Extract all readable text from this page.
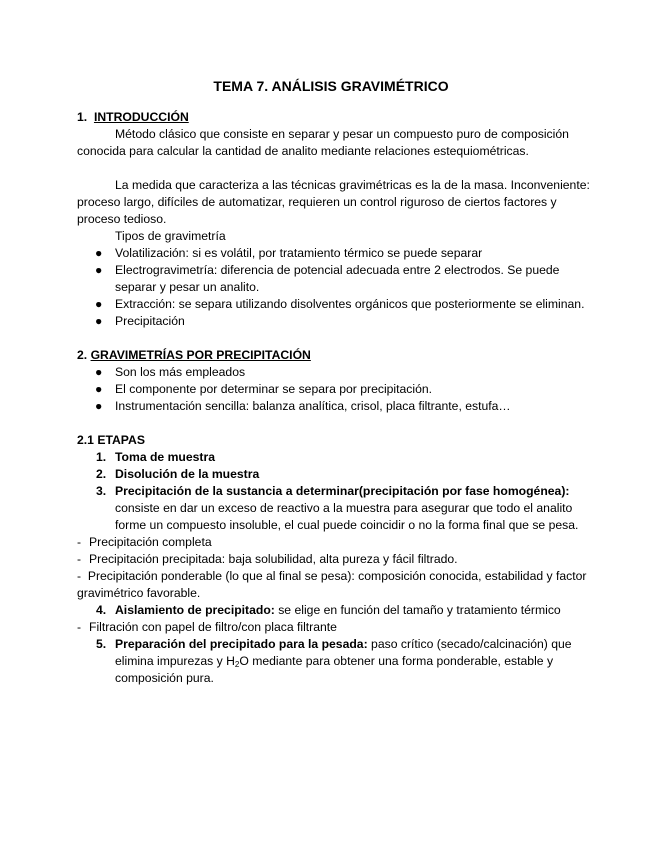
TEMA 7. ANÁLISIS GRAVIMÉTRICO
1. INTRODUCCIÓN

Método clásico que consiste en separar y pesar un compuesto puro de composición conocida para calcular la cantidad de analito mediante relaciones estequiométricas.

La medida que caracteriza a las técnicas gravimétricas es la de la masa. Inconveniente: proceso largo, difíciles de automatizar, requieren un control riguroso de ciertos factores y proceso tedioso.

Tipos de gravimetría

● Volatilización: si es volátil, por tratamiento térmico se puede separar
● Electrogravimetría: diferencia de potencial adecuada entre 2 electrodos. Se puede separar y pesar un analito.
● Extracción: se separa utilizando disolventes orgánicos que posteriormente se eliminan.
● Precipitación
2. GRAVIMETRÍAS POR PRECIPITACIÓN
● Son los más empleados
● El componente por determinar se separa por precipitación.
● Instrumentación sencilla: balanza analítica, crisol, placa filtrante, estufa…
2.1 ETAPAS
1. Toma de muestra
2. Disolución de la muestra
3. Precipitación de la sustancia a determinar(precipitación por fase homogénea): consiste en dar un exceso de reactivo a la muestra para asegurar que todo el analito forme un compuesto insoluble, el cual puede coincidir o no la forma final que se pesa.
- Precipitación completa
- Precipitación precipitada: baja solubilidad, alta pureza y fácil filtrado.
- Precipitación ponderable (lo que al final se pesa): composición conocida, estabilidad y factor gravimétrico favorable.
4. Aislamiento de precipitado: se elige en función del tamaño y tratamiento térmico
- Filtración con papel de filtro/con placa filtrante
5. Preparación del precipitado para la pesada: paso crítico (secado/calcinación) que elimina impurezas y $H_2O$ mediante para obtener una forma ponderable, estable y composición pura.
